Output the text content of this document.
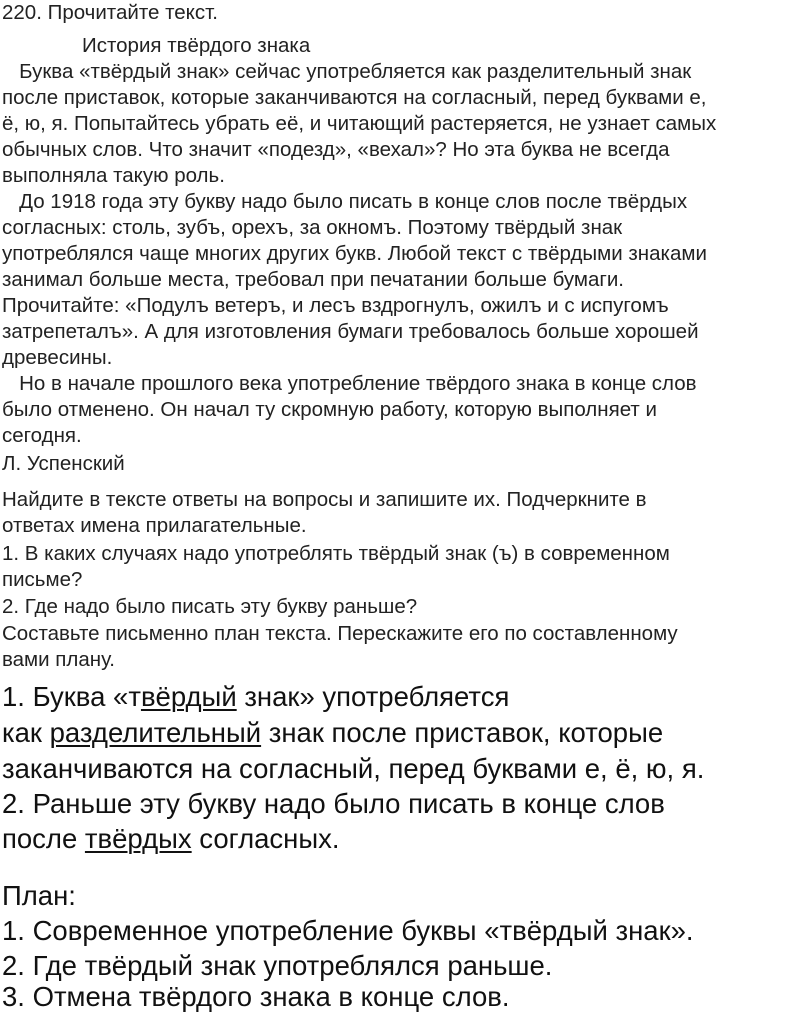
220. Прочитайте текст.
История твёрдого знака
Буква «твёрдый знак» сейчас употребляется как разделительный знак
после приставок, которые заканчиваются на согласный, перед буквами е,
ё, ю, я. Попытайтесь убрать её, и читающий растеряется, не узнает самых
обычных слов. Что значит «подезд», «вехал»? Но эта буква не всегда
выполняла такую роль.
До 1918 года эту букву надо было писать в конце слов после твёрдых
согласных: столь, зубъ, орехъ, за окномъ. Поэтому твёрдый знак
употреблялся чаще многих других букв. Любой текст с твёрдыми знаками
занимал больше места, требовал при печатании больше бумаги.
Прочитайте: «Подулъ ветеръ, и лесъ вздрогнулъ, ожилъ и с испугомъ
затрепеталъ». А для изготовления бумаги требовалось больше хорошей
древесины.
Но в начале прошлого века употребление твёрдого знака в конце слов
было отменено. Он начал ту скромную работу, которую выполняет и
сегодня.
Л. Успенский
Найдите в тексте ответы на вопросы и запишите их. Подчеркните в
ответах имена прилагательные.
1. В каких случаях надо употреблять твёрдый знак (ъ) в современном
письме?
2. Где надо было писать эту букву раньше?
Составьте письменно план текста. Перескажите его по составленному
вами плану.
1. Буква «твёрдый знак» употребляется
как разделительный знак после приставок, которые
заканчиваются на согласный, перед буквами е, ё, ю, я.
2. Раньше эту букву надо было писать в конце слов
после твёрдых согласных.
План:
1. Современное употребление буквы «твёрдый знак».
2. Где твёрдый знак употреблялся раньше.
3. Отмена твёрдого знака в конце слов.
